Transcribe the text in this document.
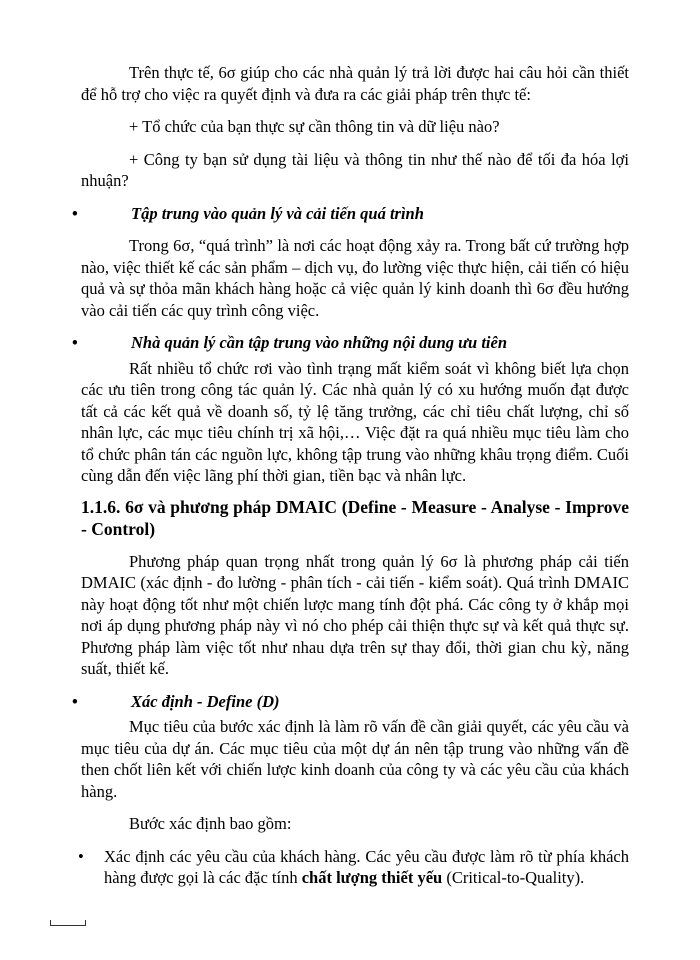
Trên thực tế, 6σ giúp cho các nhà quản lý trả lời được hai câu hỏi cần thiết để hỗ trợ cho việc ra quyết định và đưa ra các giải pháp trên thực tế:

+ Tổ chức của bạn thực sự cần thông tin và dữ liệu nào?

+ Công ty bạn sử dụng tài liệu và thông tin như thế nào để tối đa hóa lợi nhuận?

•	Tập trung vào quản lý và cải tiến quá trình

Trong 6σ, “quá trình” là nơi các hoạt động xảy ra. Trong bất cứ trường hợp nào, việc thiết kế các sản phẩm – dịch vụ, đo lường việc thực hiện, cải tiến có hiệu quả và sự thỏa mãn khách hàng hoặc cả việc quản lý kinh doanh thì 6σ đều hướng vào cải tiến các quy trình công việc.

•	Nhà quản lý cần tập trung vào những nội dung ưu tiên

Rất nhiều tổ chức rơi vào tình trạng mất kiểm soát vì không biết lựa chọn các ưu tiên trong công tác quản lý. Các nhà quản lý có xu hướng muốn đạt được tất cả các kết quả về doanh số, tỷ lệ tăng trưởng, các chỉ tiêu chất lượng, chỉ số nhân lực, các mục tiêu chính trị xã hội,… Việc đặt ra quá nhiều mục tiêu làm cho tổ chức phân tán các nguồn lực, không tập trung vào những khâu trọng điểm. Cuối cùng dẫn đến việc lãng phí thời gian, tiền bạc và nhân lực.

1.1.6. 6σ và phương pháp DMAIC (Define - Measure - Analyse - Improve - Control)

Phương pháp quan trọng nhất trong quản lý 6σ là phương pháp cải tiến DMAIC (xác định - đo lường - phân tích - cải tiến - kiểm soát). Quá trình DMAIC này hoạt động tốt như một chiến lược mang tính đột phá. Các công ty ở khắp mọi nơi áp dụng phương pháp này vì nó cho phép cải thiện thực sự và kết quả thực sự. Phương pháp làm việc tốt như nhau dựa trên sự thay đổi, thời gian chu kỳ, năng suất, thiết kế.

•	Xác định - Define (D)

Mục tiêu của bước xác định là làm rõ vấn đề cần giải quyết, các yêu cầu và mục tiêu của dự án. Các mục tiêu của một dự án nên tập trung vào những vấn đề then chốt liên kết với chiến lược kinh doanh của công ty và các yêu cầu của khách hàng.

Bước xác định bao gồm:

• Xác định các yêu cầu của khách hàng. Các yêu cầu được làm rõ từ phía khách hàng được gọi là các đặc tính chất lượng thiết yếu (Critical-to-Quality).
